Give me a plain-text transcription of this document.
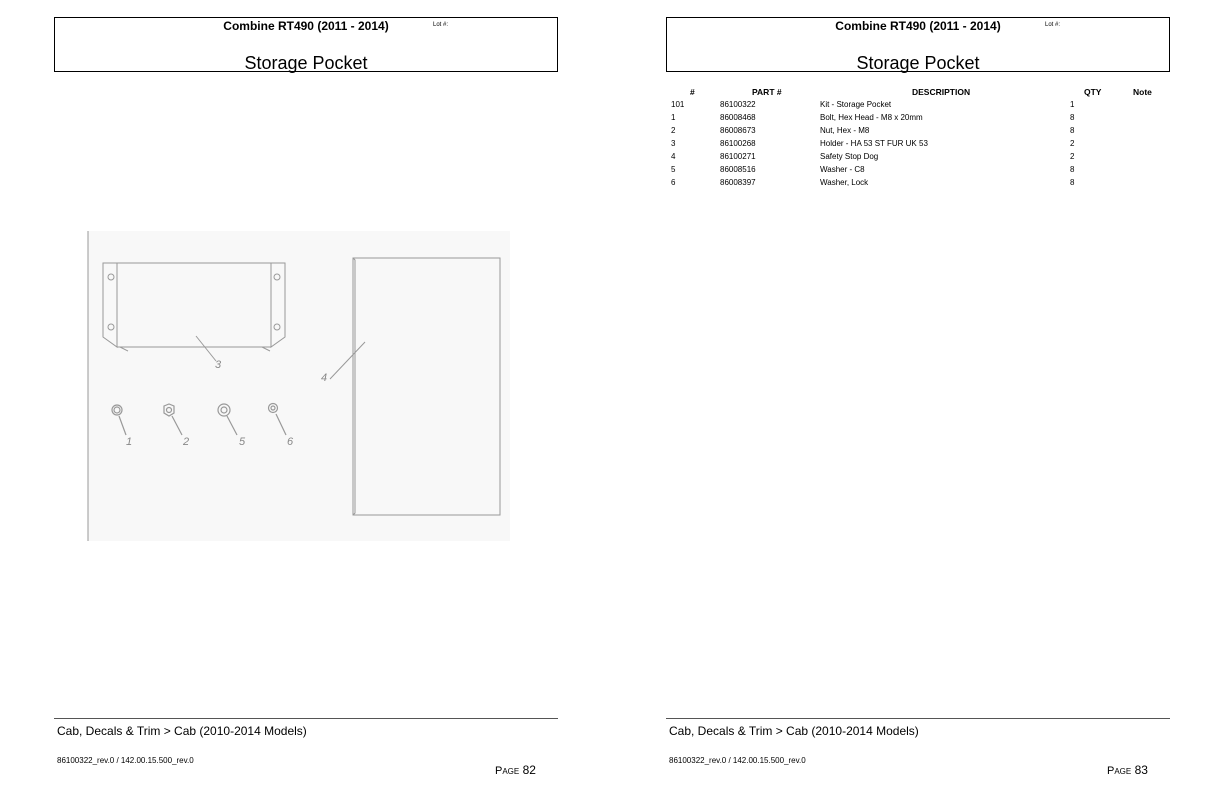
Combine RT490 (2011 - 2014)	Lot #:
Storage Pocket
3
4
1	2	5	6
Cab, Decals & Trim > Cab (2010-2014 Models)
86100322_rev.0 / 142.00.15.500_rev.0
Page 82
Combine RT490 (2011 - 2014)	Lot #:
Storage Pocket
Cab, Decals & Trim > Cab (2010-2014 Models)
86100322_rev.0 / 142.00.15.500_rev.0
Page 83
#	PART #	DESCRIPTION	QTY	Note
101	86100322	Kit - Storage Pocket	1
1	86008468	Bolt, Hex Head - M8 x 20mm	8
2	86008673	Nut, Hex - M8	8
3	86100268	Holder - HA 53 ST FUR UK 53	2
4	86100271	Safety Stop Dog	2
5	86008516	Washer - C8	8
6	86008397	Washer, Lock	8
